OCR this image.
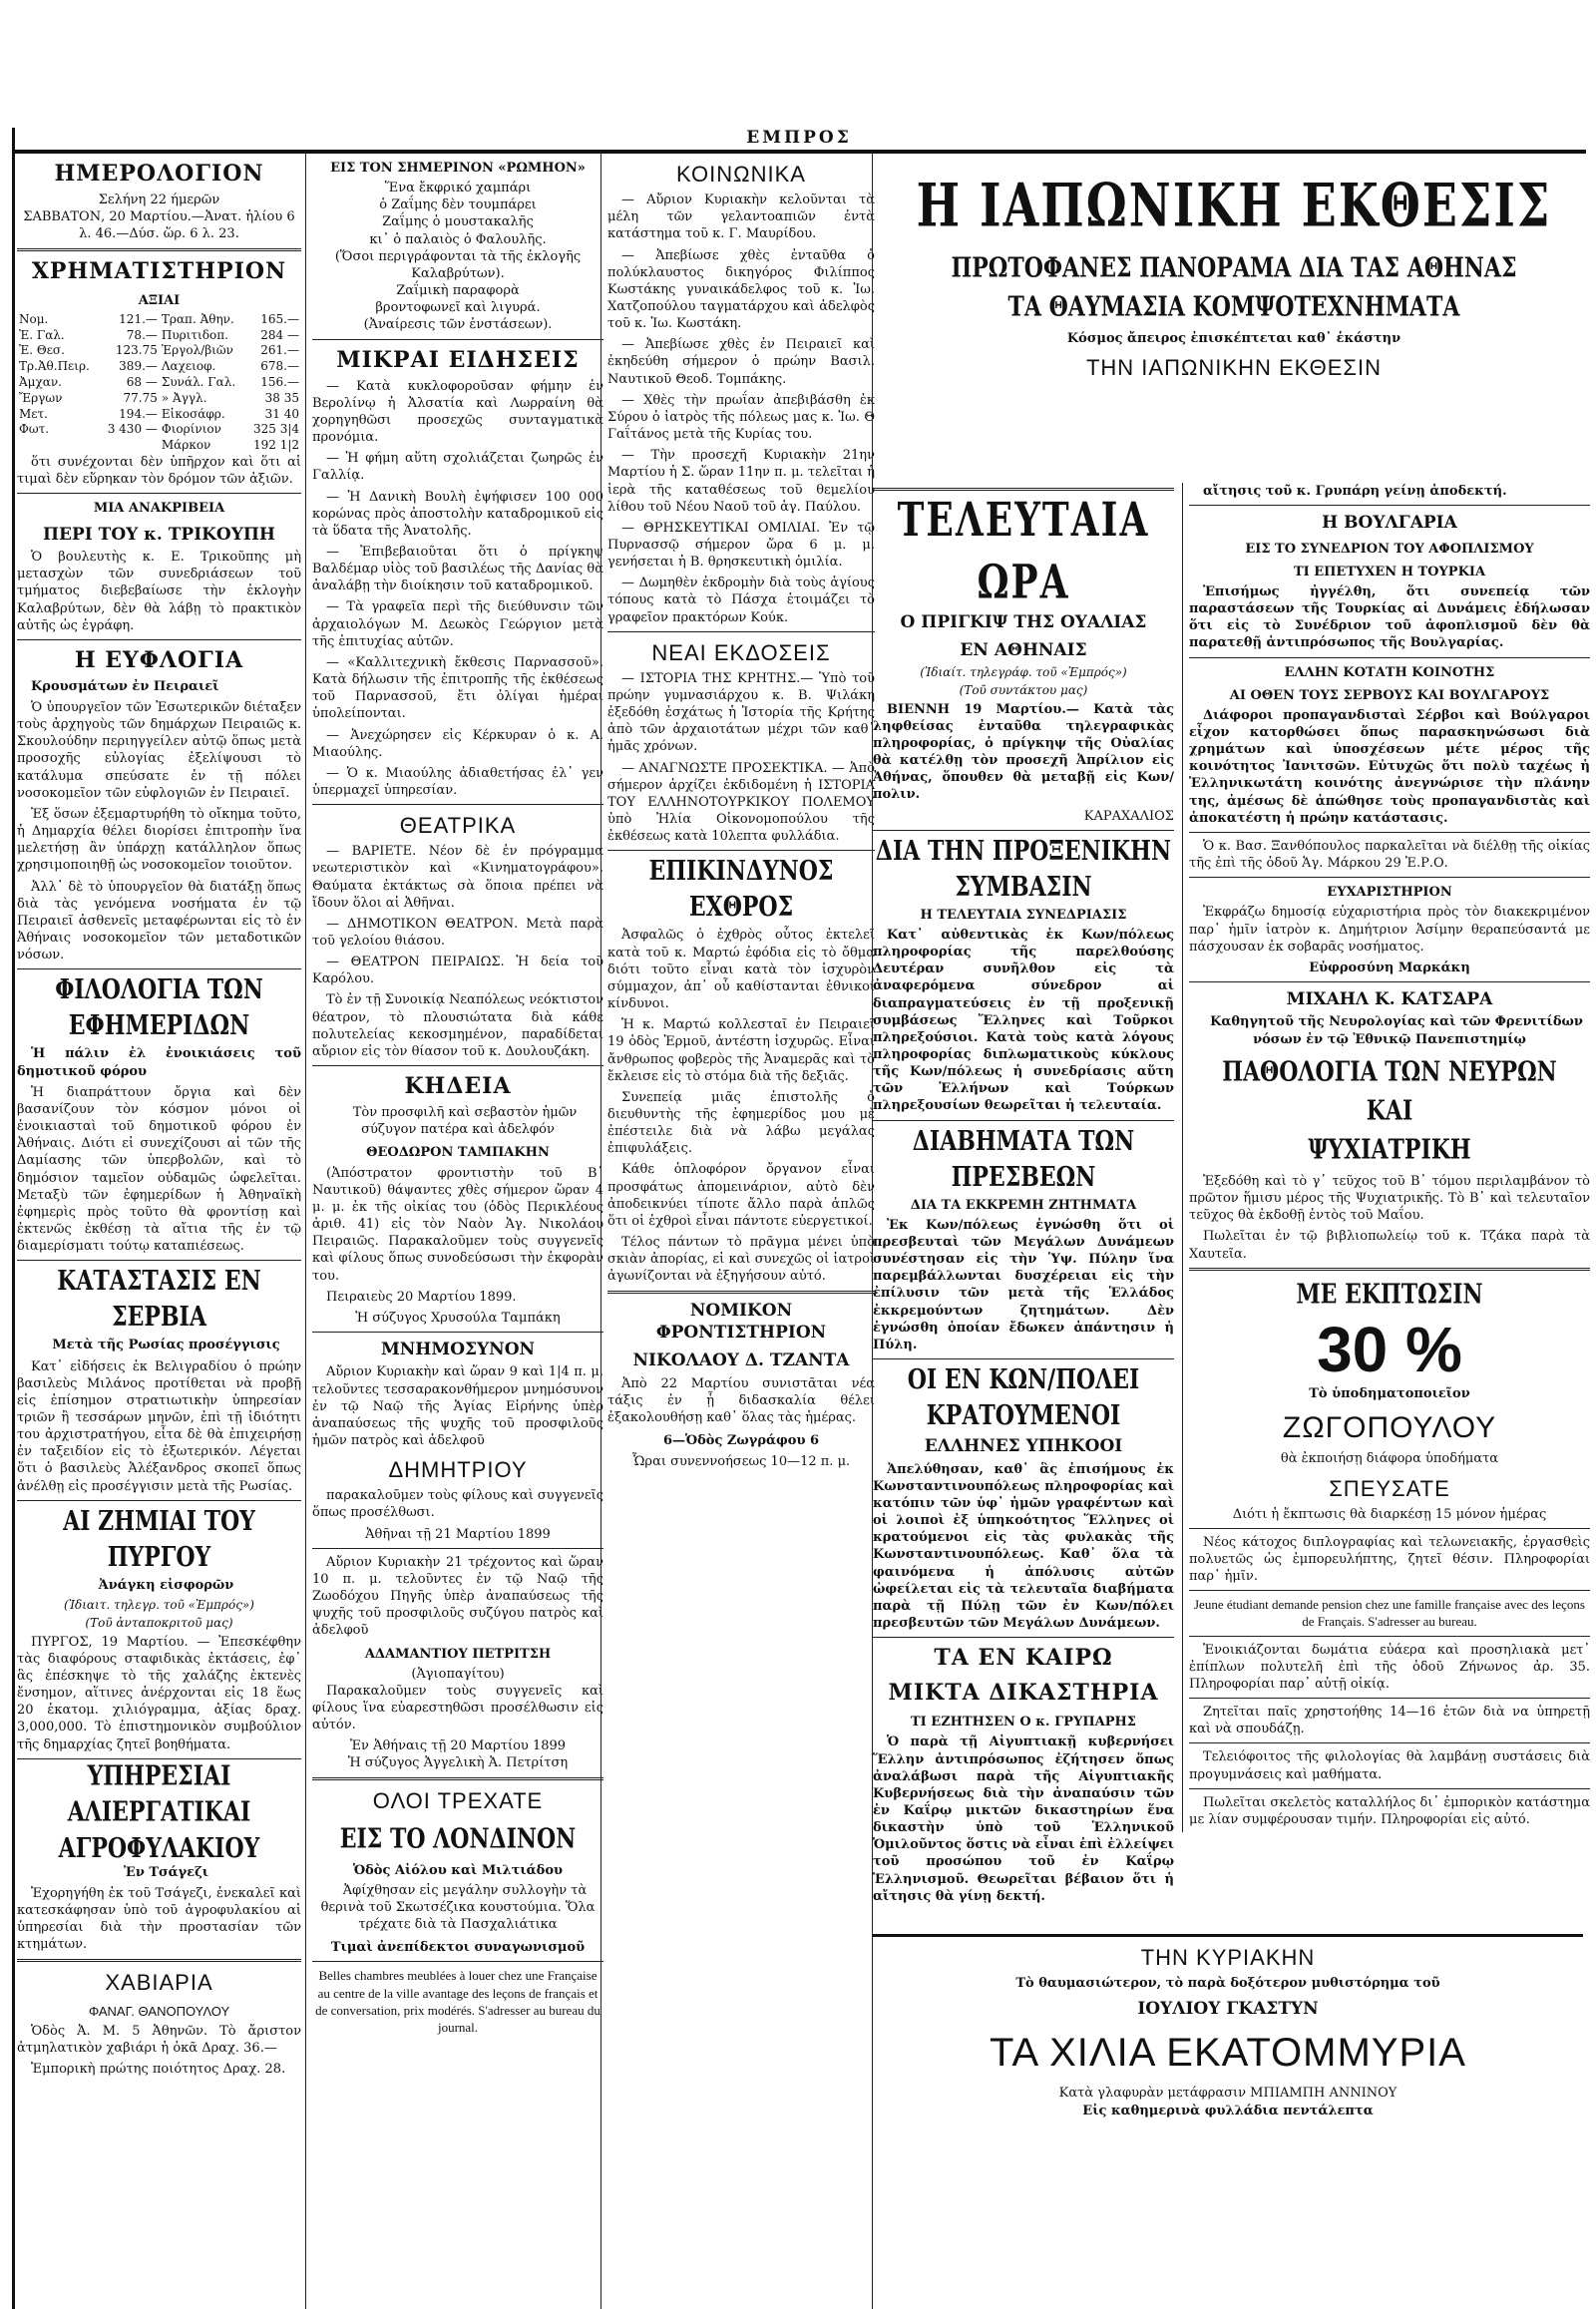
ΕΜΠΡΟΣ
ΗΜΕΡΟΛΟΓΙΟΝ
Σελήνη 22 ήμερῶν
ΣΑΒΒΑΤΟΝ, 20 Μαρτίου.—Ἀνατ. ἡλίου 6 λ. 46.—Δύσ. ὥρ. 6 λ. 23.
ΧΡΗΜΑΤΙΣΤΗΡΙΟΝ
ΑΞΙΑΙ
Νομ.	121.—	Τραπ. Ἀθην.	165.—
Ἐ. Γαλ.	78.—	Πυριτιδοπ.	284 —
Ἐ. Θεσ.	123.75	Ἐργολ/βιῶν	261.—
Τρ.Ἀθ.Πειρ.	389.—	Λαχειοφ.	678.—
Ἀμχαν.	68 —	Συνάλ. Γαλ.	156.—
Ἔργων	77.75	» Ἀγγλ.	38 35
Μετ.	194.—	Εἰκοσάφρ.	31 40
Φωτ.	3 430 —	Φιορίνιον	325 3|4
		Μάρκον	192 1|2

ὅτι συνέχονται δὲν ὑπῆρχον καὶ ὅτι αἱ τιμαὶ δὲν εὕρηκαν τὸν δρόμον τῶν ἀξιῶν.

ΜΙΑ ΑΝΑΚΡΙΒΕΙΑ
ΠΕΡΙ ΤΟΥ κ. ΤΡΙΚΟΥΠΗ

Ὁ βουλευτὴς κ. Ε. Τρικοῦπης μὴ μετασχὼν τῶν συνεδριάσεων τοῦ τμήματος διεβεβαίωσε τὴν ἐκλογὴν Καλαβρύτων, δὲν θὰ λάβῃ τὸ πρακτικὸν αὐτῆς ὡς ἐγράφη.

Η ΕΥΦΛΟΓΙΑ

Κρουσμάτων ἐν Πειραιεῖ

Ὁ ὑπουργεῖον τῶν Ἐσωτερικῶν διέταξεν τοὺς ἀρχηγοὺς τῶν δημάρχων Πειραιῶς κ. Σκουλούδην περιηγγείλεν αὐτῷ ὅπως μετὰ προσοχῆς εὐλογίας ἐξελίψουσι τὸ κατάλυμα σπεύσατε ἐν τῇ πόλει νοσοκομεῖον τῶν εὐφλογιῶν ἐν Πειραιεῖ.

Ἐξ ὅσων ἐξεμαρτυρήθη τὸ οἴκημα τοῦτο, ἡ Δημαρχία θέλει διορίσει ἐπιτροπὴν ἵνα μελετήσῃ ἂν ὑπάρχῃ κατάλληλον ὅπως χρησιμοποιηθῇ ὡς νοσοκομεῖον τοιοῦτον.

Ἀλλ᾽ δὲ τὸ ὑπουργεῖον θὰ διατάξῃ ὅπως διὰ τὰς γενόμενα νοσήματα ἐν τῷ Πειραιεῖ ἀσθενεῖς μεταφέρωνται εἰς τὸ ἐν Ἀθήναις νοσοκομεῖον τῶν μεταδοτικῶν νόσων.

ΦΙΛΟΛΟΓΙΑ ΤΩΝ ΕΦΗΜΕΡΙΔΩΝ

Ἡ πάλιν ἐλ ἐνοικιάσεις τοῦ δημοτικοῦ φόρου

Ἡ διαπράττουν ὄργια καὶ δὲν βασανίζουν τὸν κόσμον μόνοι οἱ ἐνοικιασταὶ τοῦ δημοτικοῦ φόρου ἐν Ἀθήναις. Διότι εἰ συνεχίζουσι αἱ τῶν τῆς Δαμίασης τῶν ὑπερβολῶν, καὶ τὸ δημόσιον ταμεῖον οὐδαμῶς ὠφελεῖται. Μεταξὺ τῶν ἐφημερίδων ἡ Ἀθηναϊκὴ ἐφημερὶς πρὸς τοῦτο θὰ φροντίσῃ καὶ ἐκτενῶς ἐκθέσῃ τὰ αἴτια τῆς ἐν τῷ διαμερίσματι τούτῳ καταπιέσεως.

ΚΑΤΑΣΤΑΣΙΣ ΕΝ ΣΕΡΒΙΑ

Μετὰ τῆς Ρωσίας προσέγγισις

Κατ᾽ εἰδήσεις ἐκ Βελιγραδίου ὁ πρώην βασιλεὺς Μιλάνος προτίθεται νὰ προβῇ εἰς ἐπίσημον στρατιωτικὴν ὑπηρεσίαν τριῶν ἢ τεσσάρων μηνῶν, ἐπὶ τῇ ἰδιότητι του ἀρχιστρατήγου, εἶτα δὲ θὰ ἐπιχειρήσῃ ἐν ταξειδίον εἰς τὸ ἐξωτερικόν. Λέγεται ὅτι ὁ βασιλεὺς Ἀλέξανδρος σκοπεῖ ὅπως ἀνέλθῃ εἰς προσέγγισιν μετὰ τῆς Ρωσίας.

ΑΙ ΖΗΜΙΑΙ ΤΟΥ ΠΥΡΓΟΥ

Ἀνάγκη εἰσφορῶν

(Ἰδιαιτ. τηλεγρ. τοῦ «Ἐμπρός»)
(Τοῦ ἀνταποκριτοῦ μας)

ΠΥΡΓΟΣ, 19 Μαρτίου. — Ἐπεσκέφθην τὰς διαφόρους σταφιδικὰς ἐκτάσεις, ἐφ᾽ ἃς ἐπέσκηψε τὸ τῆς χαλάζης ἐκτενὲς ἔνσημον, αἵτινες ἀνέρχονται εἰς 18 ἕως 20 ἑκατομ. χιλιόγραμμα, ἀξίας δραχ. 3,000,000. Τὸ ἐπιστημονικὸν συμβούλιον τῆς δημαρχίας ζητεῖ βοηθήματα.

ΥΠΗΡΕΣΙΑΙ ΑΛΙΕΡΓΑΤΙΚΑΙ ΑΓΡΟΦΥΛΑΚΙΟΥ

Ἐν Τσάγεζι

Ἐχορηγήθη ἐκ τοῦ Τσάγεζι, ἐνεκαλεῖ καὶ κατεσκάφησαν ὑπὸ τοῦ ἀγροφυλακίου αἱ ὑπηρεσίαι διὰ τὴν προστασίαν τῶν κτημάτων.

ΧΑΒΙΑΡΙΑ
ΦΑΝΑΓ. ΘΑΝΟΠΟΥΛΟΥ

Ὁδὸς Ἀ. Μ. 5 Ἀθηνῶν. Τὸ ἄριστον ἀτμηλατικὸν χαβιάρι ἡ ὀκᾶ Δραχ. 36.—

Ἐμπορικὴ πρώτης ποιότητος Δραχ. 28.

ΕΙΣ ΤΟΝ ΣΗΜΕΡΙΝΟΝ «ΡΩΜΗΟΝ»
Ἕνα ἔκφρικό χαμπάρι
ὁ Ζαΐμης δὲν τουμπάρει
Ζαΐμης ὁ μουστακαλῆς
κι᾽ ὁ παλαιὸς ὁ Φαλουλῆς.
(Ὅσοι περιγράφονται τὰ τῆς ἐκλογῆς Καλαβρύτων).
Ζαΐμικὴ παραφορὰ
βροντοφωνεῖ καὶ λιγυρά.
(Ἀναίρεσις τῶν ἐνστάσεων).
ΜΙΚΡΑΙ ΕΙΔΗΣΕΙΣ

— Κατὰ κυκλοφοροῦσαν φήμην ἐν Βερολίνῳ ἡ Ἀλσατία καὶ Λωρραίνη θὰ χορηγηθῶσι προσεχῶς συνταγματικὰ προνόμια.

— Ἡ φήμη αὕτη σχολιάζεται ζωηρῶς ἐν Γαλλίᾳ.

— Ἡ Δανικὴ Βουλὴ ἐψήφισεν 100 000 κορώνας πρὸς ἀποστολὴν καταδρομικοῦ εἰς τὰ ὕδατα τῆς Ἀνατολῆς.

— Ἐπιβεβαιοῦται ὅτι ὁ πρίγκηψ Βαλδέμαρ υἱὸς τοῦ βασιλέως τῆς Δανίας θὰ ἀναλάβῃ τὴν διοίκησιν τοῦ καταδρομικοῦ.

— Τὰ γραφεῖα περὶ τῆς διεύθυνσιν τῶν ἀρχαιολόγων Μ. Δεωκὸς Γεώργιον μετὰ τῆς ἐπιτυχίας αὐτῶν.

— «Καλλιτεχνικὴ ἔκθεσις Παρνασσοῦ». Κατὰ δήλωσιν τῆς ἐπιτροπῆς τῆς ἐκθέσεως τοῦ Παρνασσοῦ, ἔτι ὀλίγαι ἡμέραι ὑπολείπονται.

— Ἀνεχώρησεν εἰς Κέρκυραν ὁ κ. Α. Μιαούλης.

— Ὁ κ. Μιαούλης ἀδιαθετήσας ἐλ᾽ γεν ὑπερμαχεῖ ὑπηρεσίαν.

ΘΕΑΤΡΙΚΑ

— ΒΑΡΙΕΤΕ. Νέον δὲ ἐν πρόγραμμα νεωτεριστικὸν καὶ «Κινηματογράφου». Θαύματα ἐκτάκτως σὰ ὅποια πρέπει νὰ ἴδουν ὅλοι αἱ Ἀθῆναι.

— ΔΗΜΟΤΙΚΟΝ ΘΕΑΤΡΟΝ. Μετὰ παρὰ τοῦ γελοίου θιάσου.

— ΘΕΑΤΡΟΝ ΠΕΙΡΑΙΩΣ. Ἡ δεία τοῦ Καρόλου.

Τὸ ἐν τῇ Συνοικίᾳ Νεαπόλεως νεόκτιστον θέατρον, τὸ πλουσιώτατα διὰ κάθε πολυτελείας κεκοσμημένον, παραδίδεται αὔριον εἰς τὸν θίασον τοῦ κ. Δουλουζάκη.

ΚΗΔΕΙΑ

Τὸν προσφιλῆ καὶ σεβαστὸν ἡμῶν σύζυγον πατέρα καὶ ἀδελφόν

ΘΕΟΔΩΡΟΝ ΤΑΜΠΑΚΗΝ

(Ἀπόστρατον φροντιστὴν τοῦ Β᾽ Ναυτικοῦ) θάψαντες χθὲς σήμερον ὥραν 4 μ. μ. ἐκ τῆς οἰκίας του (ὁδὸς Περικλέους ἀριθ. 41) εἰς τὸν Ναὸν Ἁγ. Νικολάου Πειραιῶς. Παρακαλοῦμεν τοὺς συγγενεῖς καὶ φίλους ὅπως συνοδεύσωσι τὴν ἐκφορὰν του.

Πειραιεὺς 20 Μαρτίου 1899.

Ἡ σύζυγος Χρυσούλα Ταμπάκη
ΜΝΗΜΟΣΥΝΟΝ

Αὔριον Κυριακὴν καὶ ὥραν 9 καὶ 1|4 π. μ. τελοῦντες τεσσαρακονθήμερον μνημόσυνον ἐν τῷ Ναῷ τῆς Ἁγίας Εἰρήνης ὑπὲρ ἀναπαύσεως τῆς ψυχῆς τοῦ προσφιλοῦς ἡμῶν πατρὸς καὶ ἀδελφοῦ

ΔΗΜΗΤΡΙΟΥ

παρακαλοῦμεν τοὺς φίλους καὶ συγγενεῖς ὅπως προσέλθωσι.

Ἀθῆναι τῇ 21 Μαρτίου 1899

Αὔριον Κυριακὴν 21 τρέχοντος καὶ ὥραν 10 π. μ. τελοῦντες ἐν τῷ Ναῷ τῆς Ζωοδόχου Πηγῆς ὑπὲρ ἀναπαύσεως τῆς ψυχῆς τοῦ προσφιλοῦς συζύγου πατρὸς καὶ ἀδελφοῦ

ΑΔΑΜΑΝΤΙΟΥ ΠΕΤΡΙΤΣΗ
(Ἀγιοπαγίτου)

Παρακαλοῦμεν τοὺς συγγενεῖς καὶ φίλους ἵνα εὐαρεστηθῶσι προσέλθωσιν εἰς αὐτόν.

Ἐν Ἀθήναις τῇ 20 Μαρτίου 1899
Ἡ σύζυγος Ἀγγελικὴ Ἀ. Πετρίτση
ΟΛΟΙ ΤΡΕΧΑΤΕ
ΕΙΣ ΤΟ ΛΟΝΔΙΝΟΝ
Ὁδὸς Αἰόλου καὶ Μιλτιάδου

Ἀφίχθησαν εἰς μεγάλην συλλογὴν τὰ θερινὰ τοῦ Σκωτσέζικα κουστούμια. Ὅλα τρέχατε διὰ τὰ Πασχαλιάτικα

Τιμαὶ ἀνεπίδεκτοι συναγωνισμοῦ
Belles chambres meublées à louer chez une Française au centre de la ville avantage des leçons de français et de conversation, prix modérés. S'adresser au bureau du journal.
ΚΟΙΝΩΝΙΚΑ

— Αὔριον Κυριακὴν κελοῦνται τὰ μέλη τῶν γελαντοαπιῶν ἐντὰ κατάστημα τοῦ κ. Γ. Μαυρίδου.

— Ἀπεβίωσε χθὲς ἐνταῦθα ὁ πολύκλαυστος δικηγόρος Φιλίππος Κωστάκης γυναικάδελφος τοῦ κ. Ἰω. Χατζοπούλου ταγματάρχου καὶ ἀδελφὸς τοῦ κ. Ἰω. Κωστάκη.

— Ἀπεβίωσε χθὲς ἐν Πειραιεῖ καὶ ἐκηδεύθη σήμερον ὁ πρώην Βασιλ. Ναυτικοῦ Θεοδ. Τομπάκης.

— Χθὲς τὴν πρωΐαν ἀπεβιβάσθη ἐκ Σύρου ὁ ἰατρὸς τῆς πόλεως μας κ. Ἰω. Θ Γαΐτάνος μετὰ τῆς Κυρίας του.

— Τὴν προσεχῆ Κυριακὴν 21ην Μαρτίου ἡ Σ. ὥραν 11ην π. μ. τελεῖται ἡ ἱερὰ τῆς καταθέσεως τοῦ θεμελίου λίθου τοῦ Νέου Ναοῦ τοῦ ἁγ. Παύλου.

— ΘΡΗΣΚΕΥΤΙΚΑΙ ΟΜΙΛΙΑΙ. Ἐν τῷ Πυρνασσῷ σήμερον ὥρα 6 μ. μ. γενήσεται ἡ Β. θρησκευτικὴ ὁμιλία.

— Δωμηθὲν ἐκδρομὴν διὰ τοὺς ἁγίους τόπους κατὰ τὸ Πάσχα ἑτοιμάζει τὸ γραφεῖον πρακτόρων Κούκ.

ΝΕΑΙ ΕΚΔΟΣΕΙΣ

— ΙΣΤΟΡΙΑ ΤΗΣ ΚΡΗΤΗΣ.— Ὑπὸ τοῦ πρώην γυμνασιάρχου κ. Β. Ψιλάκη ἐξεδόθη ἐσχάτως ἡ Ἱστορία τῆς Κρήτης ἀπὸ τῶν ἀρχαιοτάτων μέχρι τῶν καθ᾽ ἡμᾶς χρόνων.

— ΑΝΑΓΝΩΣΤΕ ΠΡΟΣΕΚΤΙΚΑ. — Ἀπὸ σήμερον ἀρχίζει ἐκδιδομένη ἡ ΙΣΤΟΡΙΑ ΤΟΥ ΕΛΛΗΝΟΤΟΥΡΚΙΚΟΥ ΠΟΛΕΜΟΥ ὑπὸ Ἠλία Οἰκονομοπούλου τῆς ἐκθέσεως κατὰ 10λεπτα φυλλάδια.

ΕΠΙΚΙΝΔΥΝΟΣ ΕΧΘΡΟΣ

Ἀσφαλῶς ὁ ἐχθρὸς οὗτος ἐκτελεῖ κατὰ τοῦ κ. Μαρτώ ἐφόδια εἰς τὸ ὄθμα διότι τοῦτο εἶναι κατὰ τὸν ἰσχυρὸν σύμμαχον, ἀπ᾽ οὗ καθίστανται ἐθνικοί κίνδυνοι.

Ἡ κ. Μαρτώ κολλεσταῖ ἐν Πειραιεῖ 19 ὁδὸς Ἐρμοῦ, ἀντέστη ἰσχυρῶς. Εἶναι ἄνθρωπος φοβερὸς τῆς Ἀναμερᾶς καὶ τὸ ἔκλεισε εἰς τὸ στόμα διὰ τῆς δεξιᾶς.

Συνεπείᾳ μιᾶς ἐπιστολῆς ὁ διευθυντὴς τῆς ἐφημερίδος μου μὲ ἐπέστειλε διὰ νὰ λάβω μεγάλας ἐπιφυλάξεις.

Κάθε ὁπλοφόρον ὄργανον εἶναι προσφάτως ἀπομεινάριον, αὐτὸ δὲν ἀποδεικνύει τίποτε ἄλλο παρὰ ἀπλῶς ὅτι οἱ ἐχθροὶ εἶναι πάντοτε εὐεργετικοί.

Τέλος πάντων τὸ πρᾶγμα μένει ὑπὸ σκιὰν ἀπορίας, εἰ καὶ συνεχῶς οἱ ἰατροὶ ἀγωνίζονται νὰ ἐξηγήσουν αὐτό.

ΝΟΜΙΚΟΝ ΦΡΟΝΤΙΣΤΗΡΙΟΝ
ΝΙΚΟΛΑΟΥ Δ. ΤΖΑΝΤΑ

Ἀπὸ 22 Μαρτίου συνιστᾶται νέα τάξις ἐν ᾗ διδασκαλία θέλει ἐξακολουθήσῃ καθ᾽ ὅλας τὰς ἡμέρας.

6—Ὁδὸς Ζωγράφου 6
Ὧραι συνεννοήσεως 10—12 π. μ.
Η ΙΑΠΩΝΙΚΗ ΕΚΘΕΣΙΣ
ΠΡΩΤΟΦΑΝΕΣ ΠΑΝΟΡΑΜΑ ΔΙΑ ΤΑΣ ΑΘΗΝΑΣ
ΤΑ ΘΑΥΜΑΣΙΑ ΚΟΜΨΟΤΕΧΝΗΜΑΤΑ
Κόσμος ἄπειρος ἐπισκέπτεται καθ᾽ ἑκάστην
ΤΗΝ ΙΑΠΩΝΙΚΗΝ ΕΚΘΕΣΙΝ
ΤΕΛΕΥΤΑΙΑ ΩΡΑ
Ο ΠΡΙΓΚΙΨ ΤΗΣ ΟΥΑΛΙΑΣ
ΕΝ ΑΘΗΝΑΙΣ
(Ἰδιαίτ. τηλεγράφ. τοῦ «Ἐμπρός»)
(Τοῦ συντάκτου μας)

ΒΙΕΝΝΗ 19 Μαρτίου.— Κατὰ τὰς ληφθείσας ἐνταῦθα τηλεγραφικὰς πληροφορίας, ὁ πρίγκηψ τῆς Οὐαλίας θὰ κατέλθῃ τὸν προσεχῆ Ἀπρίλιον εἰς Ἀθήνας, ὅπουθεν θὰ μεταβῇ εἰς Κων/πολιν.

ΚΑΡΑΧΑΛΙΟΣ
ΔΙΑ ΤΗΝ ΠΡΟΞΕΝΙΚΗΝ ΣΥΜΒΑΣΙΝ
Η ΤΕΛΕΥΤΑΙΑ ΣΥΝΕΔΡΙΑΣΙΣ

Κατ᾽ αὐθεντικὰς ἐκ Κων/πόλεως πληροφορίας τῆς παρελθούσης Δευτέραν συνῆλθον εἰς τὰ ἀναφερόμενα σύνεδρον αἱ διαπραγματεύσεις ἐν τῇ προξενικῇ συμβάσεως Ἕλληνες καὶ Τοῦρκοι πληρεξούσιοι. Κατὰ τοὺς κατὰ λόγους πληροφορίας διπλωματικοὺς κύκλους τῆς Κων/πόλεως ἡ συνεδρίασις αὕτη τῶν Ἑλλήνων καὶ Τούρκων πληρεξουσίων θεωρεῖται ἡ τελευταία.

ΔΙΑΒΗΜΑΤΑ ΤΩΝ ΠΡΕΣΒΕΩΝ
ΔΙΑ ΤΑ ΕΚΚΡΕΜΗ ΖΗΤΗΜΑΤΑ

Ἐκ Κων/πόλεως ἐγνώσθη ὅτι οἱ πρεσβευταὶ τῶν Μεγάλων Δυνάμεων συνέστησαν εἰς τὴν Ὑψ. Πύλην ἵνα παρεμβάλλωνται δυσχέρειαι εἰς τὴν ἐπίλυσιν τῶν μετὰ τῆς Ἑλλάδος ἐκκρεμούντων ζητημάτων. Δὲν ἐγνώσθη ὁποίαν ἔδωκεν ἀπάντησιν ἡ Πύλη.

ΟΙ ΕΝ ΚΩΝ/ΠΟΛΕΙ ΚΡΑΤΟΥΜΕΝΟΙ
ΕΛΛΗΝΕΣ ΥΠΗΚΟΟΙ

Ἀπελύθησαν, καθ᾽ ἃς ἐπισήμους ἐκ Κωνσταντινουπόλεως πληροφορίας καὶ κατόπιν τῶν ὑφ᾽ ἡμῶν γραφέντων καὶ οἱ λοιποὶ ἐξ ὑπηκοότητος Ἕλληνες οἱ κρατούμενοι εἰς τὰς φυλακὰς τῆς Κωνσταντινουπόλεως. Καθ᾽ ὅλα τὰ φαινόμενα ἡ ἀπόλυσις αὐτῶν ὠφείλεται εἰς τὰ τελευταῖα διαβήματα παρὰ τῇ Πύλῃ τῶν ἐν Κων/πόλει πρεσβευτῶν τῶν Μεγάλων Δυνάμεων.

ΤΑ ΕΝ ΚΑΙΡΩ
ΜΙΚΤΑ ΔΙΚΑΣΤΗΡΙΑ
ΤΙ ΕΖΗΤΗΣΕΝ Ο κ. ΓΡΥΠΑΡΗΣ

Ὁ παρὰ τῇ Αἰγυπτιακῇ κυβερνήσει Ἕλλην ἀντιπρόσωπος ἐζήτησεν ὅπως ἀναλάβωσι παρὰ τῆς Αἰγυπτιακῆς Κυβερνήσεως διὰ τὴν ἀναπαύσιν τῶν ἐν Καΐρῳ μικτῶν δικαστηρίων ἕνα δικαστὴν ὑπὸ τοῦ Ἑλληνικοῦ Ὁμιλοῦντος ὅστις νὰ εἶναι ἐπὶ ἐλλείψει τοῦ προσώπου τοῦ ἐν Καΐρῳ Ἑλληνισμοῦ. Θεωρεῖται βέβαιον ὅτι ἡ αἴτησις θὰ γίνῃ δεκτή.

αἴτησις τοῦ κ. Γρυπάρη γείνῃ ἀποδεκτή.

Η ΒΟΥΛΓΑΡΙΑ
ΕΙΣ ΤΟ ΣΥΝΕΔΡΙΟΝ ΤΟΥ ΑΦΟΠΛΙΣΜΟΥ
ΤΙ ΕΠΕΤΥΧΕΝ Η ΤΟΥΡΚΙΑ

Ἐπισήμως ἠγγέλθη, ὅτι συνεπείᾳ τῶν παραστάσεων τῆς Τουρκίας αἱ Δυνάμεις ἐδήλωσαν ὅτι εἰς τὸ Συνέδριον τοῦ ἀφοπλισμοῦ δὲν θὰ παρατεθῇ ἀντιπρόσωπος τῆς Βουλγαρίας.

ΕΛΛΗΝ ΚΟΤΑΤΗ ΚΟΙΝΟΤΗΣ
ΑΙ ΟΘΕΝ ΤΟΥΣ ΣΕΡΒΟΥΣ ΚΑΙ ΒΟΥΛΓΑΡΟΥΣ

Διάφοροι προπαγανδισταὶ Σέρβοι καὶ Βούλγαροι εἶχον κατορθώσει ὅπως παρασκηνώσωσι διὰ χρημάτων καὶ ὑποσχέσεων μέτε μέρος τῆς κοινότητος Ἰανιτσῶν. Εὐτυχῶς ὅτι πολὺ ταχέως ἡ Ἑλληνικωτάτη κοινότης ἀνεγνώρισε τὴν πλάνην της, ἀμέσως δὲ ἀπώθησε τοὺς προπαγανδιστὰς καὶ ἀποκατέστη ἡ πρώην κατάστασις.

Ὁ κ. Βασ. Ξανθόπουλος παρκαλεῖται νὰ διέλθῃ τῆς οἰκίας τῆς ἐπὶ τῆς ὁδοῦ Ἁγ. Μάρκου 29 Ἐ.Ρ.Ο.

ΕΥΧΑΡΙΣΤΗΡΙΟΝ

Ἐκφράζω δημοσίᾳ εὐχαριστήρια πρὸς τὸν διακεκριμένον παρ᾽ ἡμῖν ἰατρὸν κ. Δημήτριον Ἀσίμην θεραπεύσαντά με πάσχουσαν ἐκ σοβαρᾶς νοσήματος.

Εὐφροσύνη Μαρκάκη
ΜΙΧΑΗΛ Κ. ΚΑΤΣΑΡΑ

Καθηγητοῦ τῆς Νευρολογίας καὶ τῶν Φρενιτίδων νόσων ἐν τῷ Ἐθνικῷ Πανεπιστημίῳ

ΠΑΘΟΛΟΓΙΑ ΤΩΝ ΝΕΥΡΩΝ
ΚΑΙ
ΨΥΧΙΑΤΡΙΚΗ

Ἐξεδόθη καὶ τὸ γ᾽ τεῦχος τοῦ Β᾽ τόμου περιλαμβάνον τὸ πρῶτον ἥμισυ μέρος τῆς Ψυχιατρικῆς. Τὸ Β᾽ καὶ τελευταῖον τεῦχος θὰ ἐκδοθῇ ἐντὸς τοῦ Μαΐου.

Πωλεῖται ἐν τῷ βιβλιοπωλείῳ τοῦ κ. Τζάκα παρὰ τὰ Χαυτεῖα.

ΜΕ ΕΚΠΤΩΣΙΝ
30 %
Τὸ ὑποδηματοποιεῖον
ΖΩΓΟΠΟΥΛΟΥ
θὰ ἐκποιήσῃ διάφορα ὑποδήματα
ΣΠΕΥΣΑΤΕ
Διότι ἡ ἔκπτωσις θὰ διαρκέσῃ 15 μόνον ἡμέρας

Νέος κάτοχος διπλογραφίας καὶ τελωνειακῆς, ἐργασθεὶς πολυετῶς ὡς ἐμπορευλήπτης, ζητεῖ θέσιν. Πληροφορίαι παρ᾽ ἡμῖν.

Jeune étudiant demande pension chez une famille française avec des leçons de Français. S'adresser au bureau.

Ἐνοικιάζονται δωμάτια εὐάερα καὶ προσηλιακὰ μετ᾽ ἐπίπλων πολυτελῆ ἐπὶ τῆς ὁδοῦ Ζήνωνος ἀρ. 35. Πληροφορίαι παρ᾽ αὐτῇ οἰκίᾳ.

Ζητεῖται παῖς χρηστοήθης 14—16 ἐτῶν διὰ να ὑπηρετῇ καὶ νὰ σπουδάζῃ.

Τελειόφοιτος τῆς φιλολογίας θὰ λαμβάνῃ συστάσεις διὰ προγυμνάσεις καὶ μαθήματα.

Πωλεῖται σκελετὸς καταλλήλος δι᾽ ἐμπορικὸν κατάστημα με λίαν συμφέρουσαν τιμήν. Πληροφορίαι εἰς αὐτό.

ΤΗΝ ΚΥΡΙΑΚΗΝ
Τὸ θαυμασιώτερον, τὸ παρὰ δοξότερον μυθιστόρημα τοῦ
ΙΟΥΛΙΟΥ ΓΚΑΣΤΥΝ
ΤΑ ΧΙΛΙΑ ΕΚΑΤΟΜΜΥΡΙΑ
Κατὰ γλαφυρὰν μετάφρασιν ΜΠΙΑΜΠΗ ΑΝΝΙΝΟΥ
Εἰς καθημερινὰ φυλλάδια πεντάλεπτα
